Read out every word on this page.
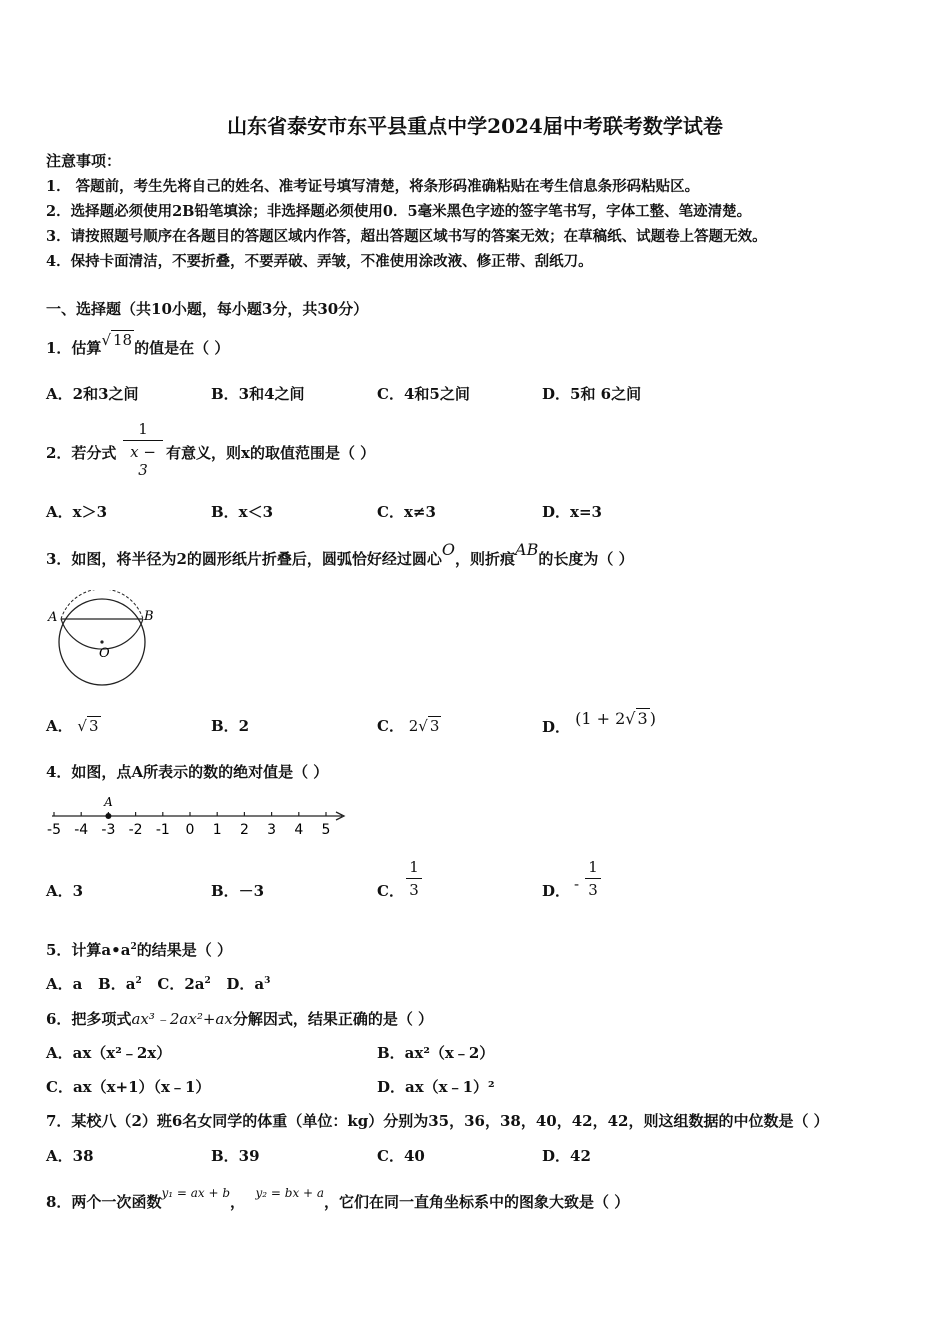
山东省泰安市东平县重点中学2024届中考联考数学试卷
注意事项：
1． 答题前，考生先将自己的姓名、准考证号填写清楚，将条形码准确粘贴在考生信息条形码粘贴区。
2．选择题必须使用2B铅笔填涂；非选择题必须使用0．5毫米黑色字迹的签字笔书写，字体工整、笔迹清楚。
3．请按照题号顺序在各题目的答题区域内作答，超出答题区域书写的答案无效；在草稿纸、试题卷上答题无效。
4．保持卡面清洁，不要折叠，不要弄破、弄皱，不准使用涂改液、修正带、刮纸刀。
一、选择题（共10小题，每小题3分，共30分）
1．估算√ 18 的值是在（ ）
A．2和3之间	B．3和4之间	C．4和5之间	D．5和 6之间
2．若分式
1
x − 3
有意义，则x的取值范围是（ ）
A．x＞3	B．x＜3	C．x≠3	D．x=3
3．如图，将半径为2的圆形纸片折叠后，圆弧恰好经过圆心O，则折痕AB的长度为（ ）
A	B
O
A． √ 3	B．2	C． 2√ 3	D． (1 + 2√ 3 )
4．如图，点A所表示的数的绝对值是（ ）
-5 -4 -3 -2 -1 0 1 2 3 4 5
A
A．3	B．－3	C．
1
3	D． -
1
3
5．计算$a•a^2$的结果是（ ）
A．a B．$a^2$ C．$2a^2$ D．$a^3$
6．把多项式ax³﹣2ax²+ax分解因式，结果正确的是（ ）
A．ax（x²﹣2x）	B．ax²（x﹣2）
C．ax（x+1）（x﹣1）	D．ax（x﹣1）²
7．某校八（2）班6名女同学的体重（单位：kg）分别为35，36，38，40，42，42，则这组数据的中位数是（ ）
A．38	B．39	C．40	D．42
8．两个一次函数$^{y_1 = ax + b}$， $^{y_2 = bx + a}$，它们在同一直角坐标系中的图象大致是（ ）
